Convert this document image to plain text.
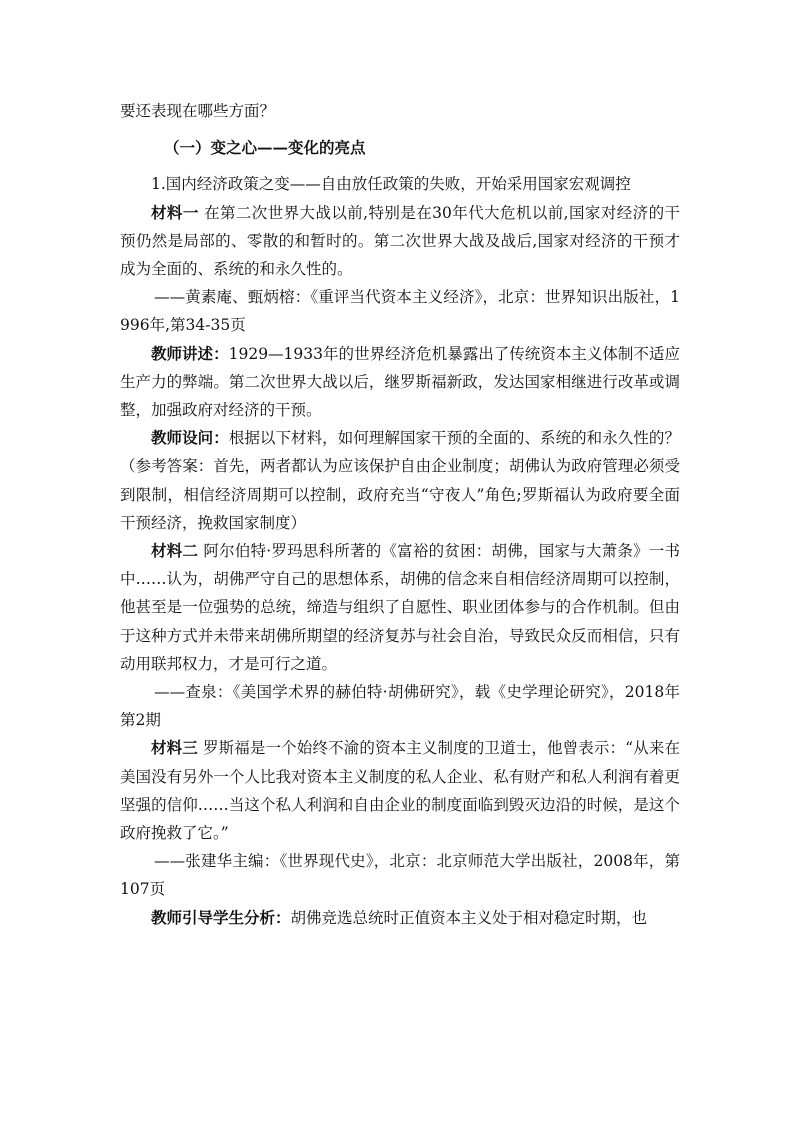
要还表现在哪些方面？

（一）变之心——变化的亮点

1.国内经济政策之变——自由放任政策的失败，开始采用国家宏观调控

材料一 在第二次世界大战以前,特别是在30年代大危机以前,国家对经济的干预仍然是局部的、零散的和暂时的。第二次世界大战及战后,国家对经济的干预才成为全面的、系统的和永久性的。

——黄素庵、甄炳榕：《重评当代资本主义经济》，北京：世界知识出版社，1996年,第34-35页

教师讲述：1929—1933年的世界经济危机暴露出了传统资本主义体制不适应生产力的弊端。第二次世界大战以后，继罗斯福新政，发达国家相继进行改革或调整，加强政府对经济的干预。

教师设问：根据以下材料，如何理解国家干预的全面的、系统的和永久性的？（参考答案：首先，两者都认为应该保护自由企业制度；胡佛认为政府管理必须受到限制，相信经济周期可以控制，政府充当“守夜人”角色;罗斯福认为政府要全面干预经济，挽救国家制度）

材料二 阿尔伯特·罗玛思科所著的《富裕的贫困：胡佛，国家与大萧条》一书中……认为，胡佛严守自己的思想体系，胡佛的信念来自相信经济周期可以控制，他甚至是一位强势的总统，缔造与组织了自愿性、职业团体参与的合作机制。但由于这种方式并未带来胡佛所期望的经济复苏与社会自治，导致民众反而相信，只有动用联邦权力，才是可行之道。

——查泉：《美国学术界的赫伯特·胡佛研究》，载《史学理论研究》，2018年第2期

材料三 罗斯福是一个始终不渝的资本主义制度的卫道士，他曾表示：“从来在美国没有另外一个人比我对资本主义制度的私人企业、私有财产和私人利润有着更坚强的信仰……当这个私人利润和自由企业的制度面临到毁灭边沿的时候，是这个政府挽救了它。”

——张建华主编：《世界现代史》，北京：北京师范大学出版社，2008年，第107页

教师引导学生分析：胡佛竞选总统时正值资本主义处于相对稳定时期，也
